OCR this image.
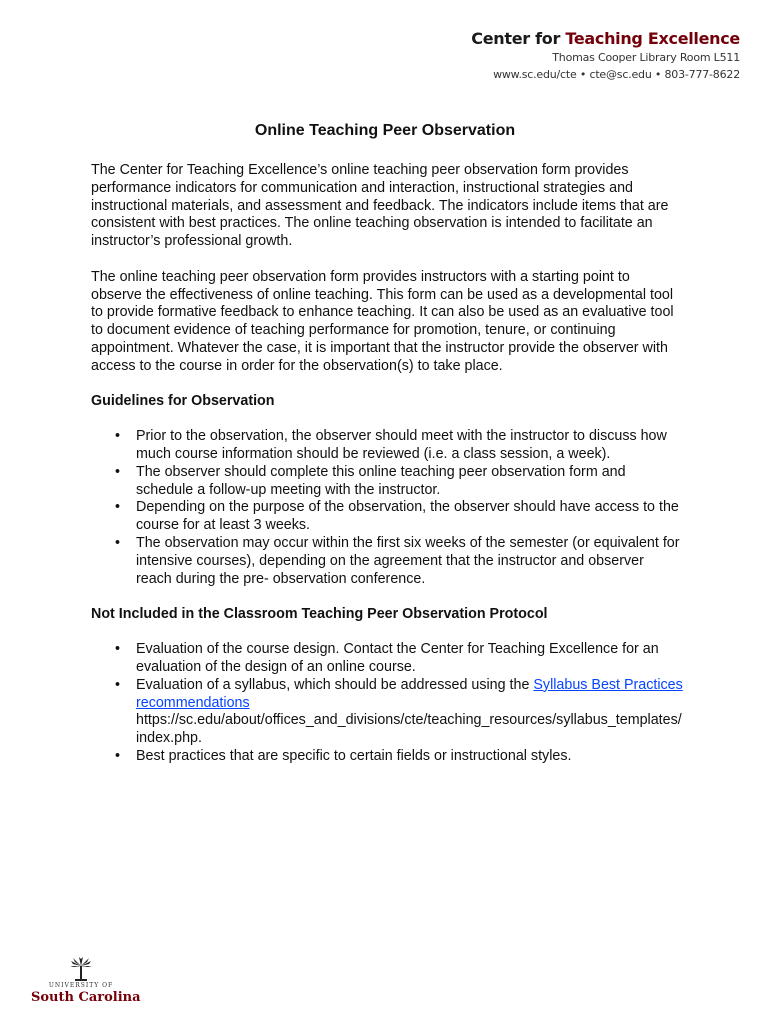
Center for Teaching Excellence
Thomas Cooper Library Room L511
www.sc.edu/cte • cte@sc.edu • 803-777-8622
Online Teaching Peer Observation

The Center for Teaching Excellence’s online teaching peer observation form provides performance indicators for communication and interaction, instructional strategies and instructional materials, and assessment and feedback. The indicators include items that are consistent with best practices. The online teaching observation is intended to facilitate an instructor’s professional growth.

The online teaching peer observation form provides instructors with a starting point to observe the effectiveness of online teaching. This form can be used as a developmental tool to provide formative feedback to enhance teaching. It can also be used as an evaluative tool to document evidence of teaching performance for promotion, tenure, or continuing appointment. Whatever the case, it is important that the instructor provide the observer with access to the course in order for the observation(s) to take place.

Guidelines for Observation
• Prior to the observation, the observer should meet with the instructor to discuss how much course information should be reviewed (i.e. a class session, a week).
• The observer should complete this online teaching peer observation form and schedule a follow-up meeting with the instructor.
• Depending on the purpose of the observation, the observer should have access to the course for at least 3 weeks.
• The observation may occur within the first six weeks of the semester (or equivalent for intensive courses), depending on the agreement that the instructor and observer reach during the pre- observation conference.
Not Included in the Classroom Teaching Peer Observation Protocol
• Evaluation of the course design. Contact the Center for Teaching Excellence for an evaluation of the design of an online course.
• Evaluation of a syllabus, which should be addressed using the Syllabus Best Practices recommendations
https://sc.edu/about/offices_and_divisions/cte/teaching_resources/syllabus_templates/index.php.
• Best practices that are specific to certain fields or instructional styles.
UNIVERSITY OF
South Carolina
